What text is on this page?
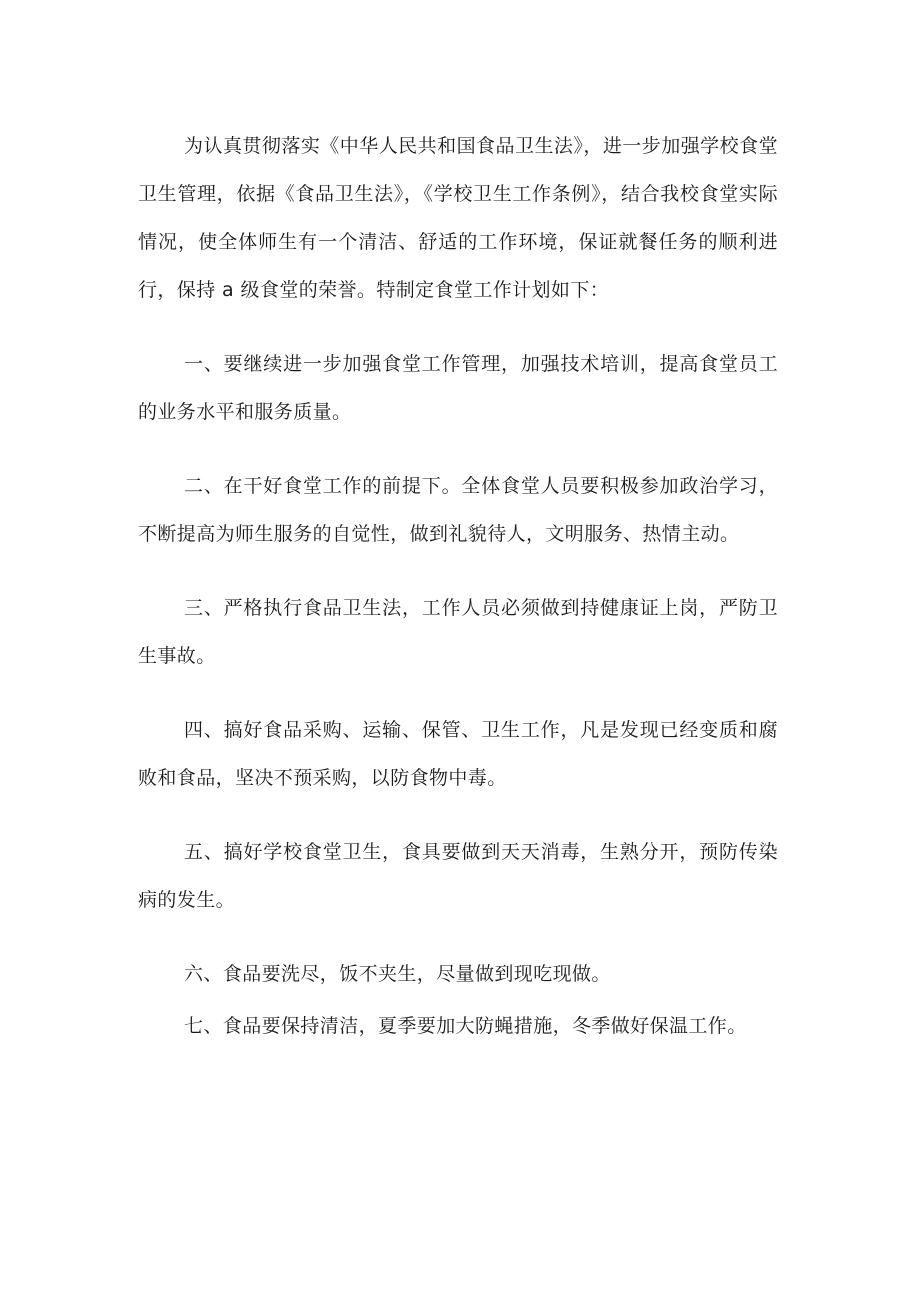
为认真贯彻落实《中华人民共和国食品卫生法》，进一步加强学校食堂卫生管理，依据《食品卫生法》，《学校卫生工作条例》，结合我校食堂实际情况，使全体师生有一个清洁、舒适的工作环境，保证就餐任务的顺利进行，保持 a 级食堂的荣誉。特制定食堂工作计划如下：

一、要继续进一步加强食堂工作管理，加强技术培训，提高食堂员工的业务水平和服务质量。

二、在干好食堂工作的前提下。全体食堂人员要积极参加政治学习，不断提高为师生服务的自觉性，做到礼貌待人，文明服务、热情主动。

三、严格执行食品卫生法，工作人员必须做到持健康证上岗，严防卫生事故。

四、搞好食品采购、运输、保管、卫生工作，凡是发现已经变质和腐败和食品，坚决不预采购，以防食物中毒。

五、搞好学校食堂卫生，食具要做到天天消毒，生熟分开，预防传染病的发生。

六、食品要洗尽，饭不夹生，尽量做到现吃现做。

七、食品要保持清洁，夏季要加大防蝇措施，冬季做好保温工作。
